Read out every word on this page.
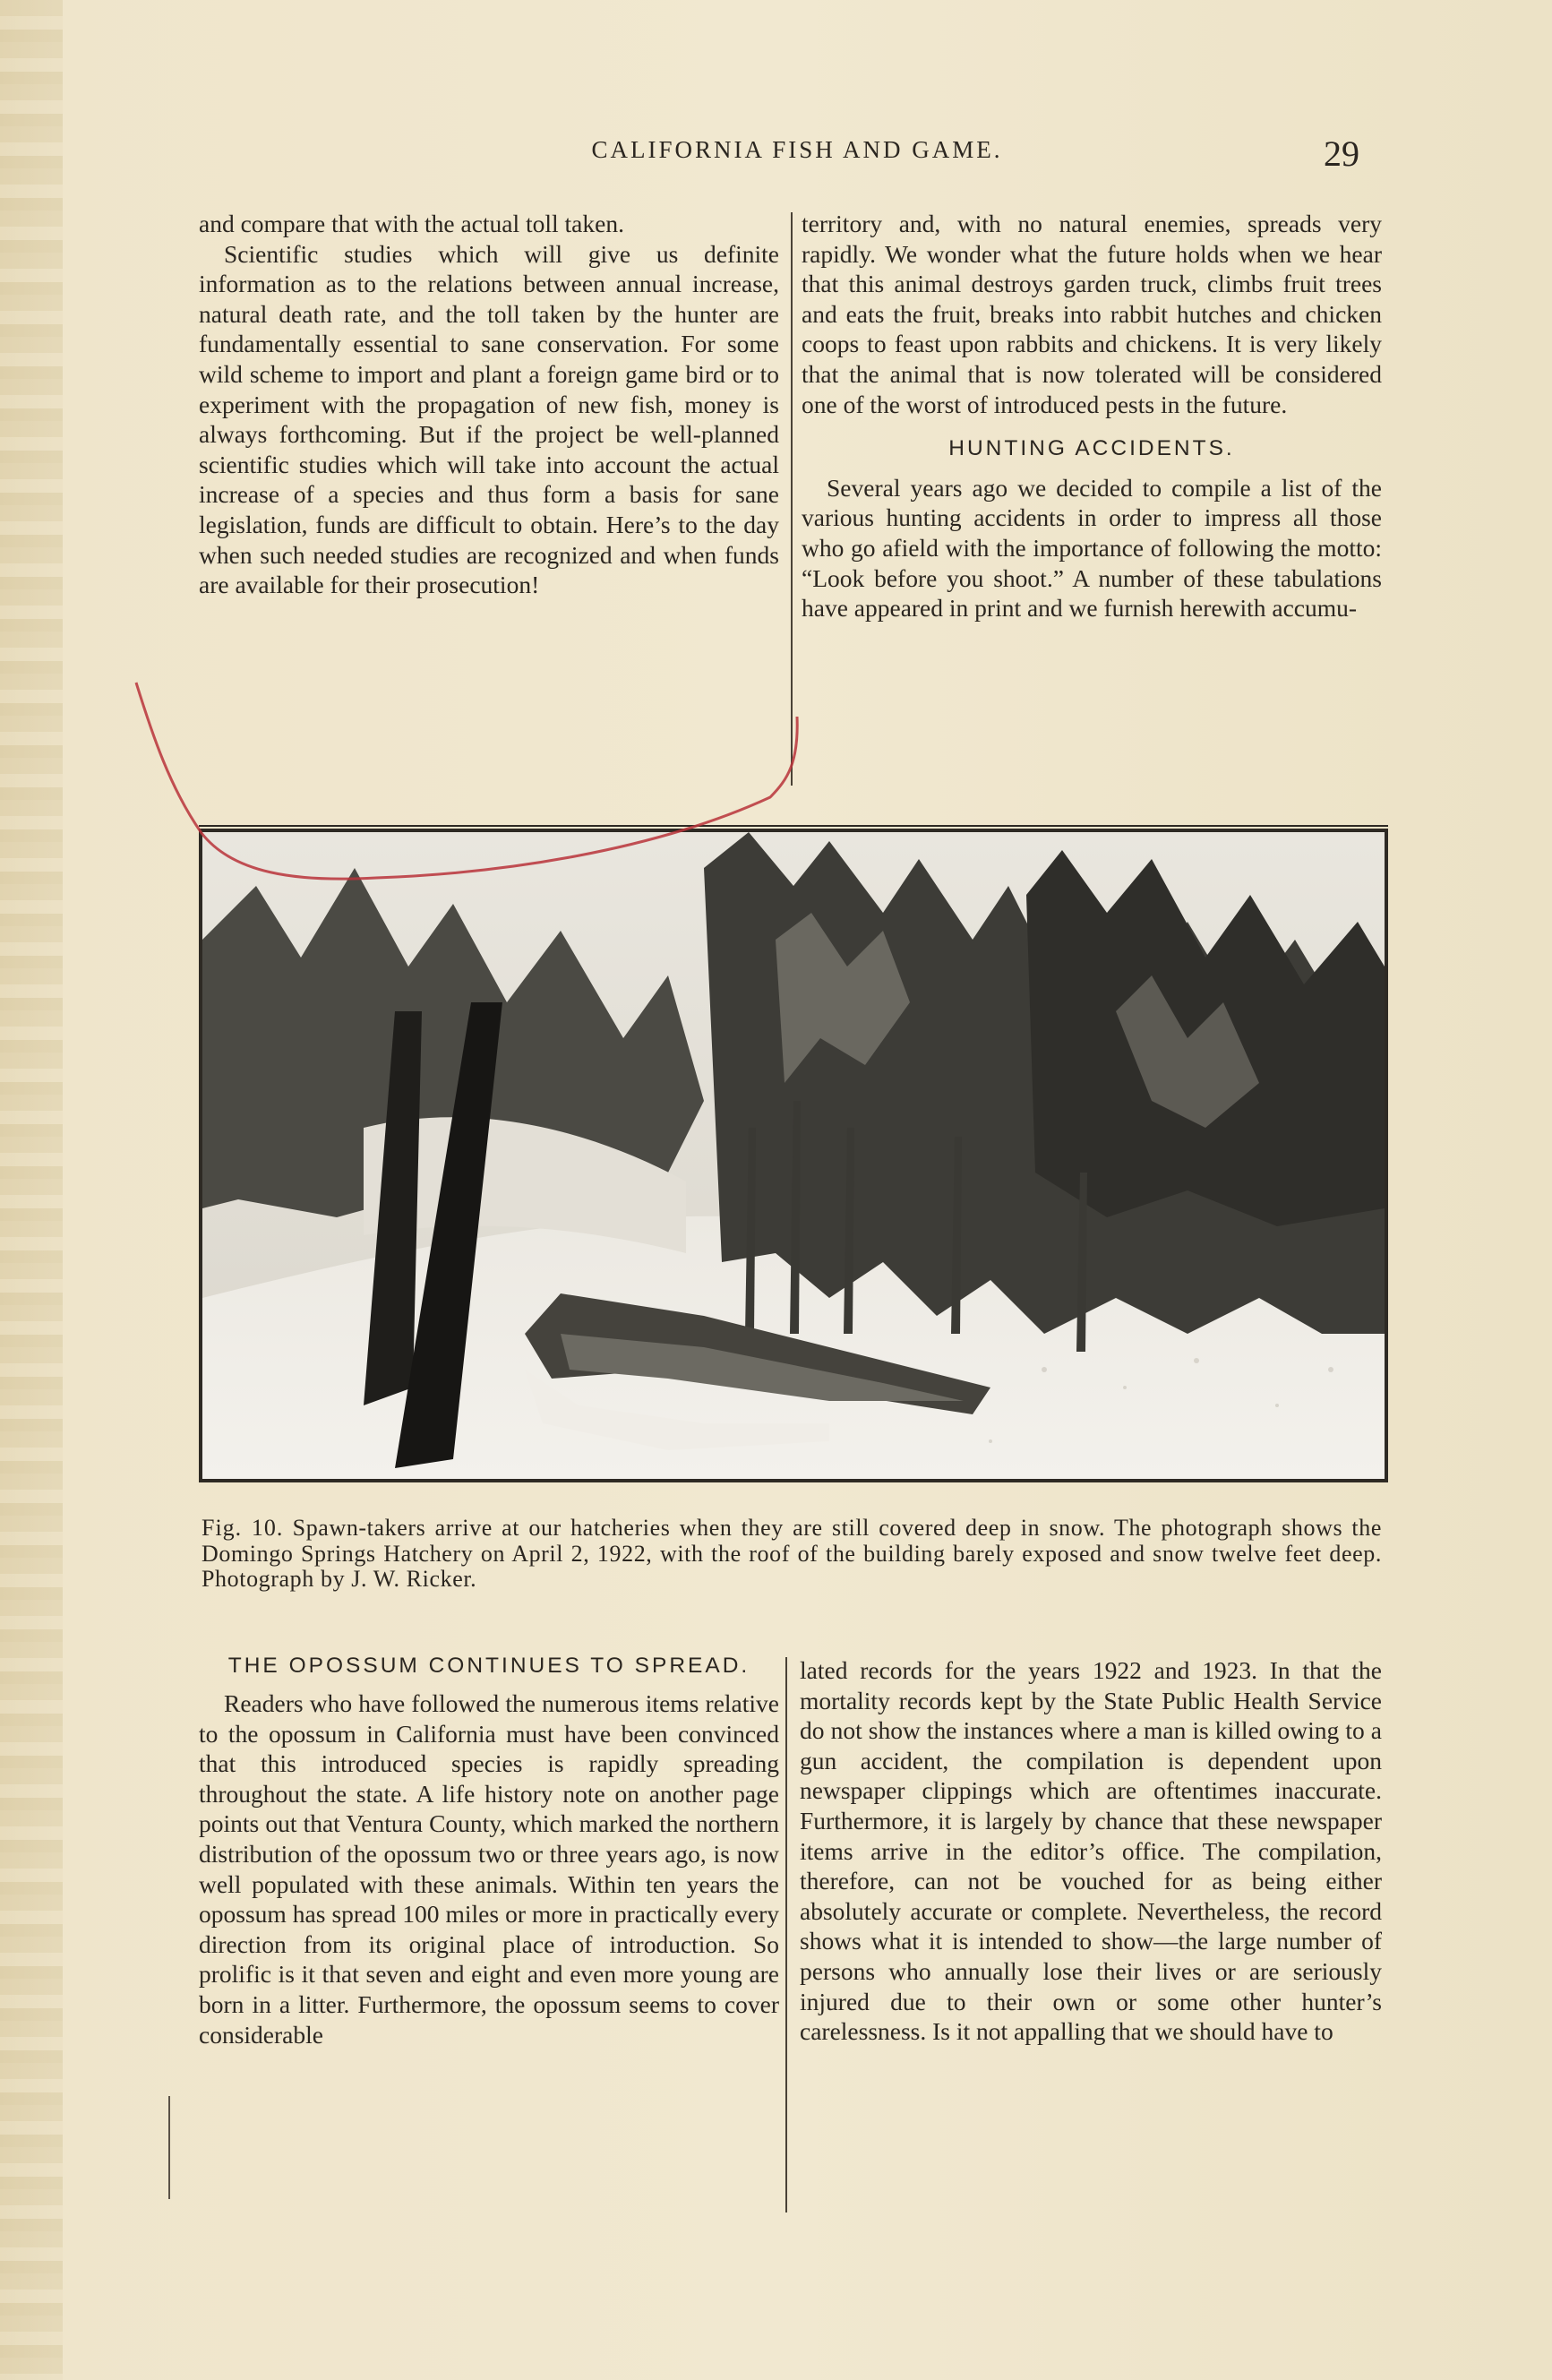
CALIFORNIA FISH AND GAME.	29

and compare that with the actual toll taken.

Scientific studies which will give us definite information as to the relations between annual increase, natural death rate, and the toll taken by the hunter are fundamentally essential to sane conservation. For some wild scheme to import and plant a foreign game bird or to experiment with the propagation of new fish, money is always forthcoming. But if the project be well-planned scientific studies which will take into account the actual increase of a species and thus form a basis for sane legislation, funds are difficult to obtain. Here’s to the day when such needed studies are recognized and when funds are available for their prosecution!

territory and, with no natural enemies, spreads very rapidly. We wonder what the future holds when we hear that this animal destroys garden truck, climbs fruit trees and eats the fruit, breaks into rabbit hutches and chicken coops to feast upon rabbits and chickens. It is very likely that the animal that is now tolerated will be considered one of the worst of introduced pests in the future.

HUNTING ACCIDENTS.

Several years ago we decided to compile a list of the various hunting accidents in order to impress all those who go afield with the importance of following the motto: “Look before you shoot.” A number of these tabulations have appeared in print and we furnish herewith accumu-

Fig. 10. Spawn-takers arrive at our hatcheries when they are still covered deep in snow. The photograph shows the Domingo Springs Hatchery on April 2, 1922, with the roof of the building barely exposed and snow twelve feet deep. Photograph by J. W. Ricker.

THE OPOSSUM CONTINUES TO SPREAD.

Readers who have followed the numerous items relative to the opossum in California must have been convinced that this introduced species is rapidly spreading throughout the state. A life history note on another page points out that Ventura County, which marked the northern distribution of the opossum two or three years ago, is now well populated with these animals. Within ten years the opossum has spread 100 miles or more in practically every direction from its original place of introduction. So prolific is it that seven and eight and even more young are born in a litter. Furthermore, the opossum seems to cover considerable

lated records for the years 1922 and 1923. In that the mortality records kept by the State Public Health Service do not show the instances where a man is killed owing to a gun accident, the compilation is dependent upon newspaper clippings which are oftentimes inaccurate. Furthermore, it is largely by chance that these newspaper items arrive in the editor’s office. The compilation, therefore, can not be vouched for as being either absolutely accurate or complete. Nevertheless, the record shows what it is intended to show—the large number of persons who annually lose their lives or are seriously injured due to their own or some other hunter’s carelessness. Is it not appalling that we should have to
